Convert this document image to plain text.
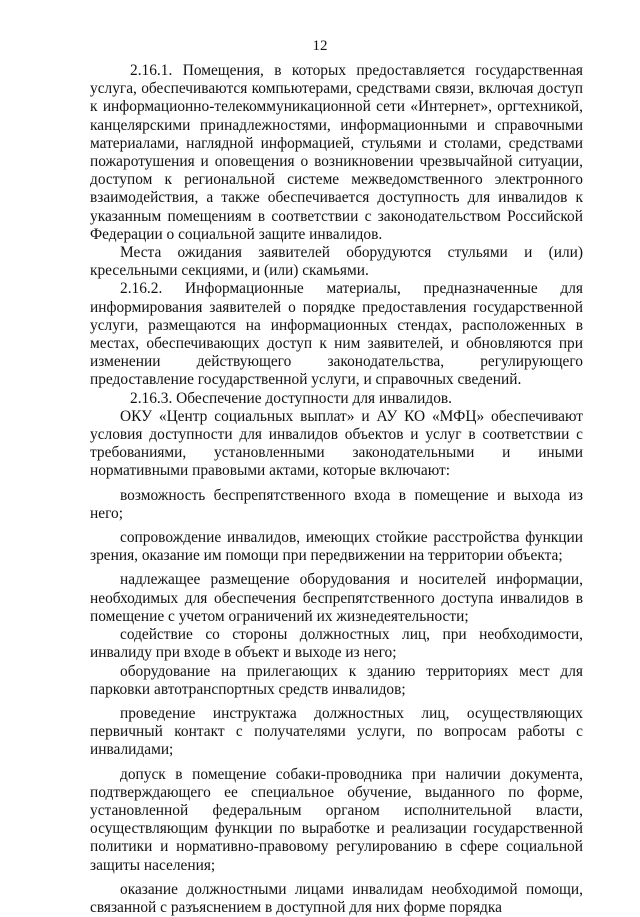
12

2.16.1. Помещения, в которых предоставляется государственная услуга, обеспечиваются компьютерами, средствами связи, включая доступ к информационно-телекоммуникационной сети «Интернет», оргтехникой, канцелярскими принадлежностями, информационными и справочными материалами, наглядной информацией, стульями и столами, средствами пожаротушения и оповещения о возникновении чрезвычайной ситуации, доступом к региональной системе межведомственного электронного взаимодействия, а также обеспечивается доступность для инвалидов к указанным помещениям в соответствии с законодательством Российской Федерации о социальной защите инвалидов.

Места ожидания заявителей оборудуются стульями и (или) кресельными секциями, и (или) скамьями.

2.16.2. Информационные материалы, предназначенные для информирования заявителей о порядке предоставления государственной услуги, размещаются на информационных стендах, расположенных в местах, обеспечивающих доступ к ним заявителей, и обновляются при изменении действующего законодательства, регулирующего предоставление государственной услуги, и справочных сведений.

2.16.3. Обеспечение доступности для инвалидов.

ОКУ «Центр социальных выплат» и АУ КО «МФЦ» обеспечивают условия доступности для инвалидов объектов и услуг в соответствии с требованиями, установленными законодательными и иными нормативными правовыми актами, которые включают:

возможность беспрепятственного входа в помещение и выхода из него;

сопровождение инвалидов, имеющих стойкие расстройства функции зрения, оказание им помощи при передвижении на территории объекта;

надлежащее размещение оборудования и носителей информации, необходимых для обеспечения беспрепятственного доступа инвалидов в помещение с учетом ограничений их жизнедеятельности;

содействие со стороны должностных лиц, при необходимости, инвалиду при входе в объект и выходе из него;

оборудование на прилегающих к зданию территориях мест для парковки автотранспортных средств инвалидов;

проведение инструктажа должностных лиц, осуществляющих первичный контакт с получателями услуги, по вопросам работы с инвалидами;

допуск в помещение собаки-проводника при наличии документа, подтверждающего ее специальное обучение, выданного по форме, установленной федеральным органом исполнительной власти, осуществляющим функции по выработке и реализации государственной политики и нормативно-правовому регулированию в сфере социальной защиты населения;

оказание должностными лицами инвалидам необходимой помощи, связанной с разъяснением в доступной для них форме порядка
